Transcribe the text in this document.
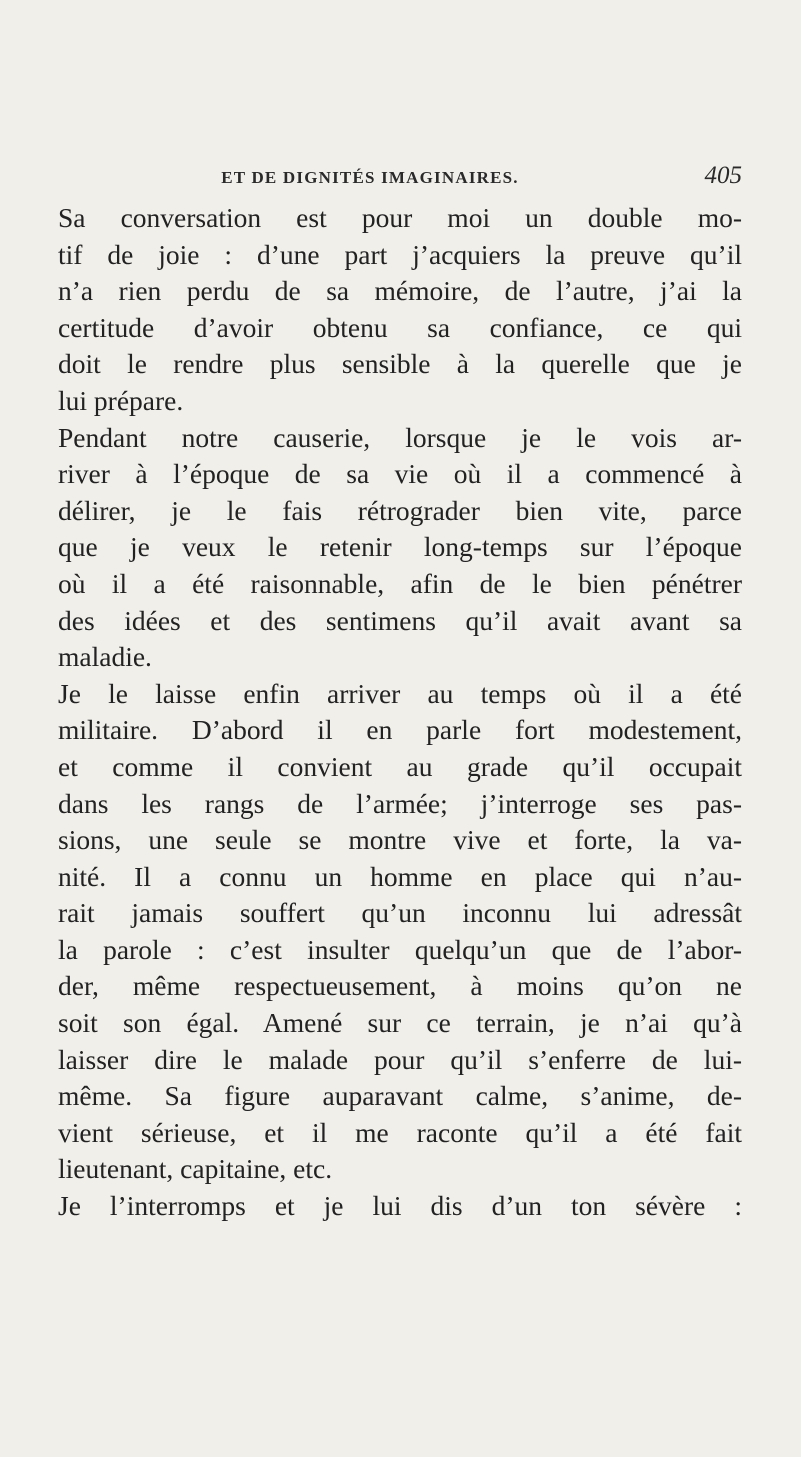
ET DE DIGNITÉS IMAGINAIRES.	405
Sa conversation est pour moi un double mo-
tif de joie : d’une part j’acquiers la preuve qu’il
n’a rien perdu de sa mémoire, de l’autre, j’ai la
certitude d’avoir obtenu sa confiance, ce qui
doit le rendre plus sensible à la querelle que je
lui prépare.
Pendant notre causerie, lorsque je le vois ar-
river à l’époque de sa vie où il a commencé à
délirer, je le fais rétrograder bien vite, parce
que je veux le retenir long-temps sur l’époque
où il a été raisonnable, afin de le bien pénétrer
des idées et des sentimens qu’il avait avant sa
maladie.
Je le laisse enfin arriver au temps où il a été
militaire. D’abord il en parle fort modestement,
et comme il convient au grade qu’il occupait
dans les rangs de l’armée; j’interroge ses pas-
sions, une seule se montre vive et forte, la va-
nité. Il a connu un homme en place qui n’au-
rait jamais souffert qu’un inconnu lui adressât
la parole : c’est insulter quelqu’un que de l’abor-
der, même respectueusement, à moins qu’on ne
soit son égal. Amené sur ce terrain, je n’ai qu’à
laisser dire le malade pour qu’il s’enferre de lui-
même. Sa figure auparavant calme, s’anime, de-
vient sérieuse, et il me raconte qu’il a été fait
lieutenant, capitaine, etc.
Je l’interromps et je lui dis d’un ton sévère :
